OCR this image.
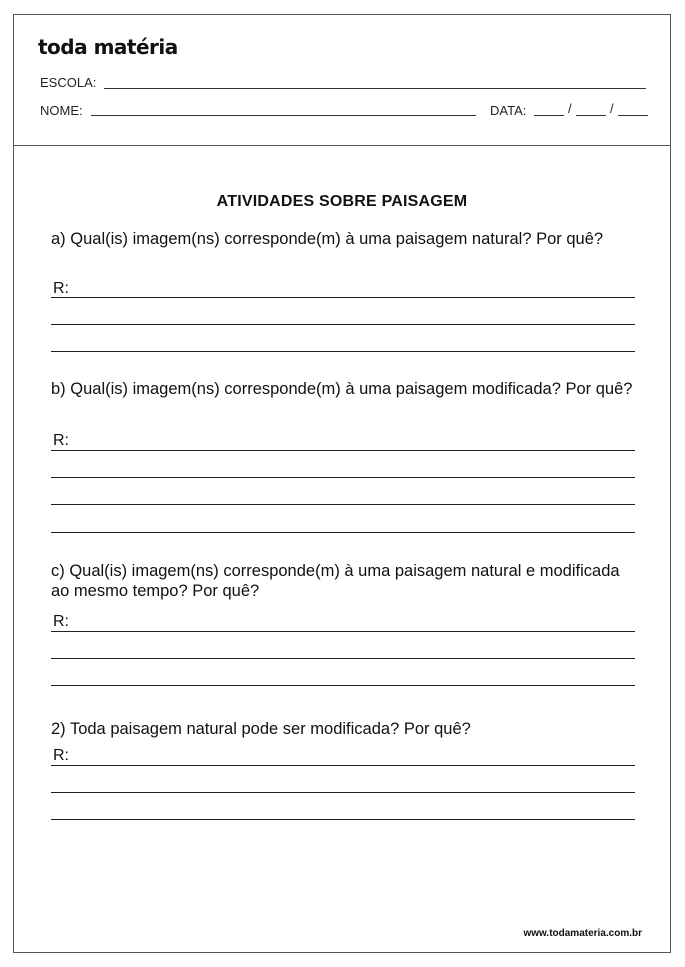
toda matéria
ESCOLA:
NOME:	DATA:	/	/
ATIVIDADES SOBRE PAISAGEM
a) Qual(is) imagem(ns) corresponde(m) à uma paisagem natural? Por quê?
R:
b) Qual(is) imagem(ns) corresponde(m) à uma paisagem modificada? Por quê?
R:
c) Qual(is) imagem(ns) corresponde(m) à uma paisagem natural e modificada ao mesmo tempo? Por quê?
R:
2) Toda paisagem natural pode ser modificada? Por quê?
R:
www.todamateria.com.br
